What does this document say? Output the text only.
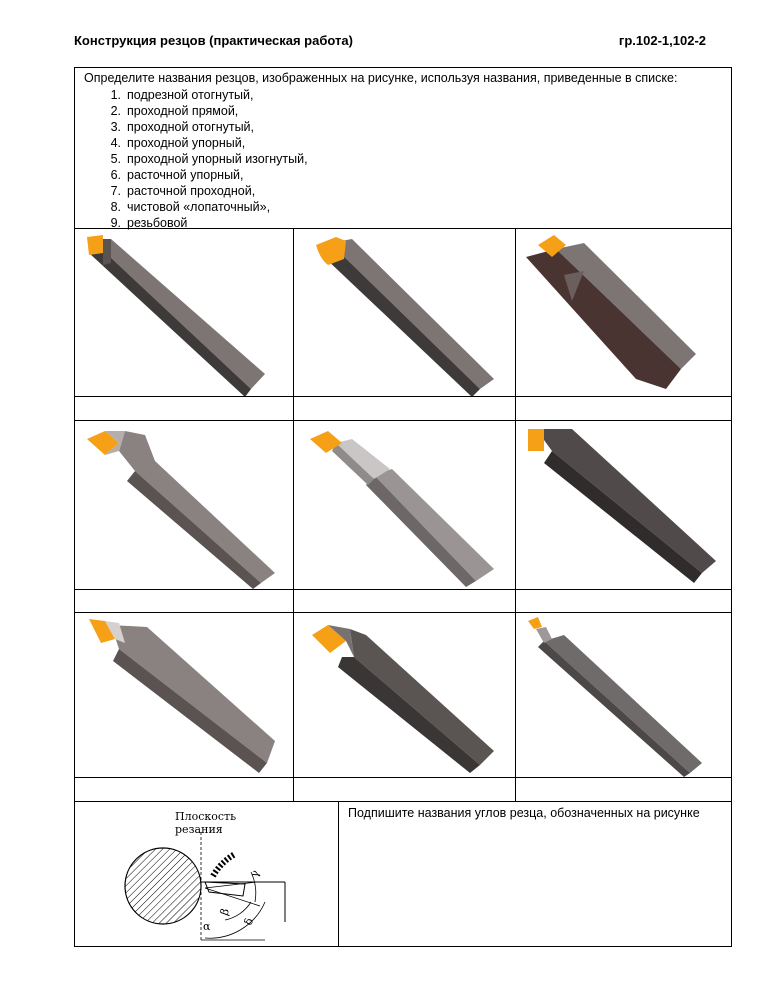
Конструкция резцов (практическая работа)	гр.102-1,102-2
Определите названия резцов, изображенных на рисунке, используя названия, приведенные в списке:
1. подрезной отогнутый,
2. проходной прямой,
3. проходной отогнутый,
4. проходной упорный,
5. проходной упорный изогнутый,
6. расточной упорный,
7. расточной проходной,
8. чистовой «лопаточный»,
9. резьбовой
Плоскость
резания
γ
β
δ
α
Подпишите названия углов резца, обозначенных на рисунке
